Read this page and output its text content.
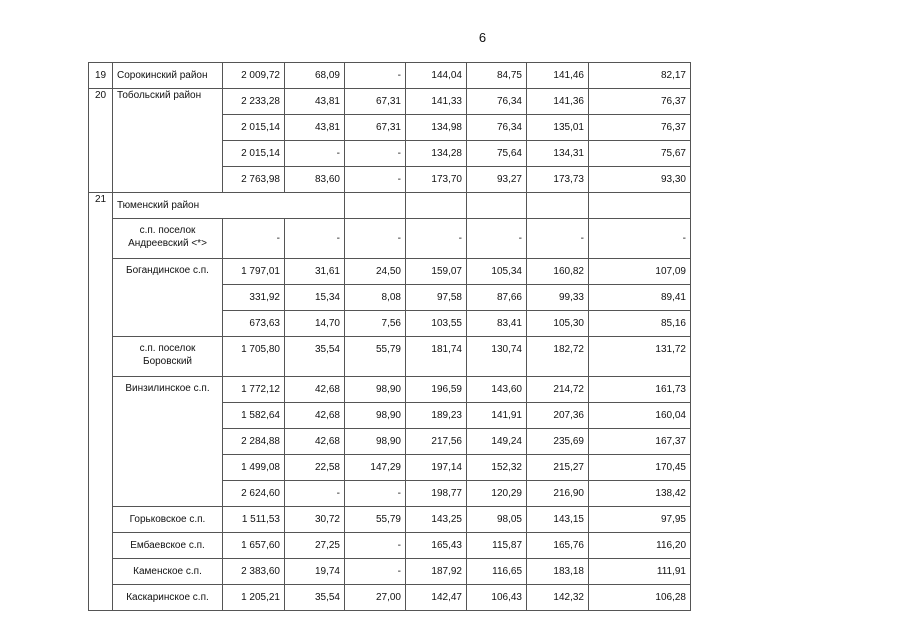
6
19	Сорокинский район	2 009,72	68,09	-	144,04	84,75	141,46	82,17
20	Тобольский район	2 233,28	43,81	67,31	141,33	76,34	141,36	76,37
		2 015,14	43,81	67,31	134,98	76,34	135,01	76,37
		2 015,14	-	-	134,28	75,64	134,31	75,67
		2 763,98	83,60	-	173,70	93,27	173,73	93,30
21	Тюменский район							
	с.п. поселок Андреевский <*>	-	-	-	-	-	-	-
	Богандинское с.п.	1 797,01	31,61	24,50	159,07	105,34	160,82	107,09
		331,92	15,34	8,08	97,58	87,66	99,33	89,41
		673,63	14,70	7,56	103,55	83,41	105,30	85,16
	с.п. поселок Боровский	1 705,80	35,54	55,79	181,74	130,74	182,72	131,72
	Винзилинское с.п.	1 772,12	42,68	98,90	196,59	143,60	214,72	161,73
		1 582,64	42,68	98,90	189,23	141,91	207,36	160,04
		2 284,88	42,68	98,90	217,56	149,24	235,69	167,37
		1 499,08	22,58	147,29	197,14	152,32	215,27	170,45
		2 624,60	-	-	198,77	120,29	216,90	138,42
	Горьковское с.п.	1 511,53	30,72	55,79	143,25	98,05	143,15	97,95
	Ембаевское с.п.	1 657,60	27,25	-	165,43	115,87	165,76	116,20
	Каменское с.п.	2 383,60	19,74	-	187,92	116,65	183,18	111,91
	Каскаринское с.п.	1 205,21	35,54	27,00	142,47	106,43	142,32	106,28
